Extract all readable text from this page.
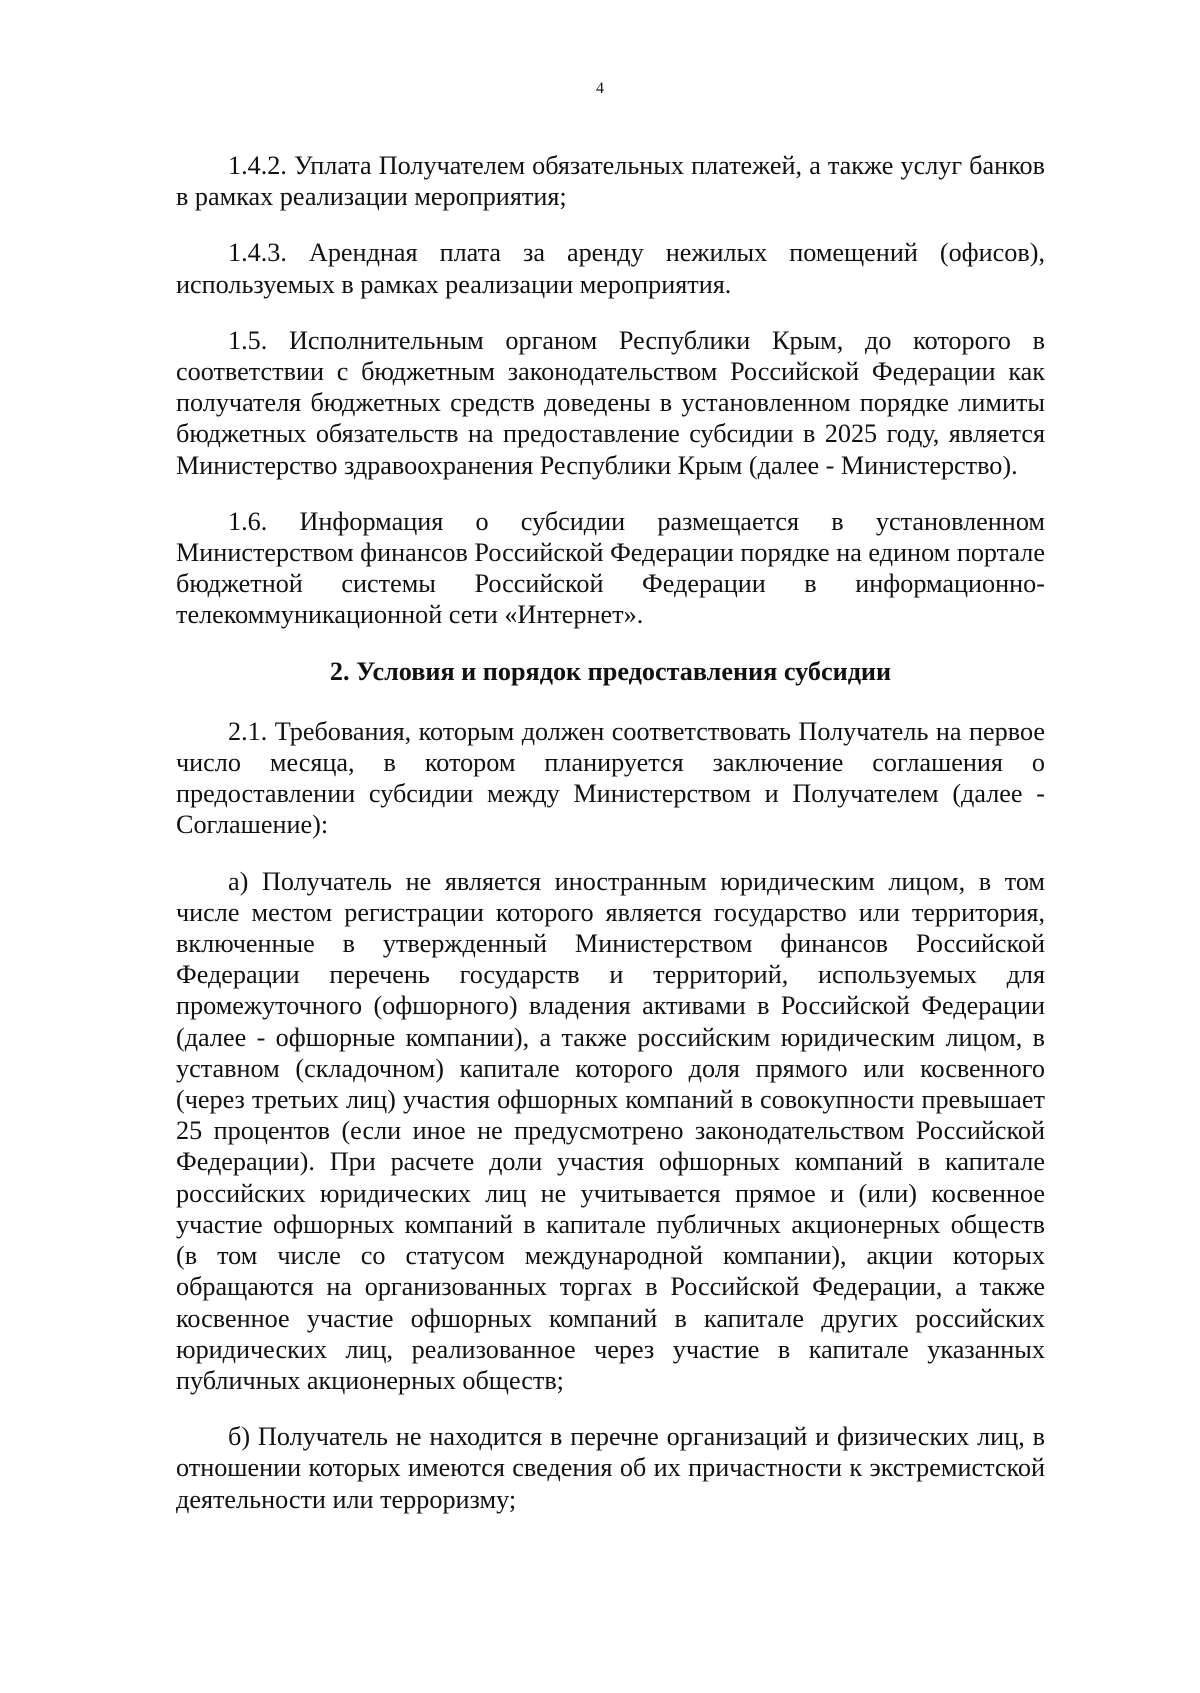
4

1.4.2. Уплата Получателем обязательных платежей, а также услуг банков в рамках реализации мероприятия;

1.4.3. Арендная плата за аренду нежилых помещений (офисов), используемых в рамках реализации мероприятия.

1.5. Исполнительным органом Республики Крым, до которого в соответствии с бюджетным законодательством Российской Федерации как получателя бюджетных средств доведены в установленном порядке лимиты бюджетных обязательств на предоставление субсидии в 2025 году, является Министерство здравоохранения Республики Крым (далее - Министерство).

1.6. Информация о субсидии размещается в установленном Министерством финансов Российской Федерации порядке на едином портале бюджетной системы Российской Федерации в информационно-телекоммуникационной сети «Интернет».

2. Условия и порядок предоставления субсидии

2.1. Требования, которым должен соответствовать Получатель на первое число месяца, в котором планируется заключение соглашения о предоставлении субсидии между Министерством и Получателем (далее - Соглашение):

а) Получатель не является иностранным юридическим лицом, в том числе местом регистрации которого является государство или территория, включенные в утвержденный Министерством финансов Российской Федерации перечень государств и территорий, используемых для промежуточного (офшорного) владения активами в Российской Федерации (далее - офшорные компании), а также российским юридическим лицом, в уставном (складочном) капитале которого доля прямого или косвенного (через третьих лиц) участия офшорных компаний в совокупности превышает 25 процентов (если иное не предусмотрено законодательством Российской Федерации). При расчете доли участия офшорных компаний в капитале российских юридических лиц не учитывается прямое и (или) косвенное участие офшорных компаний в капитале публичных акционерных обществ (в том числе со статусом международной компании), акции которых обращаются на организованных торгах в Российской Федерации, а также косвенное участие офшорных компаний в капитале других российских юридических лиц, реализованное через участие в капитале указанных публичных акционерных обществ;

б) Получатель не находится в перечне организаций и физических лиц, в отношении которых имеются сведения об их причастности к экстремистской деятельности или терроризму;
